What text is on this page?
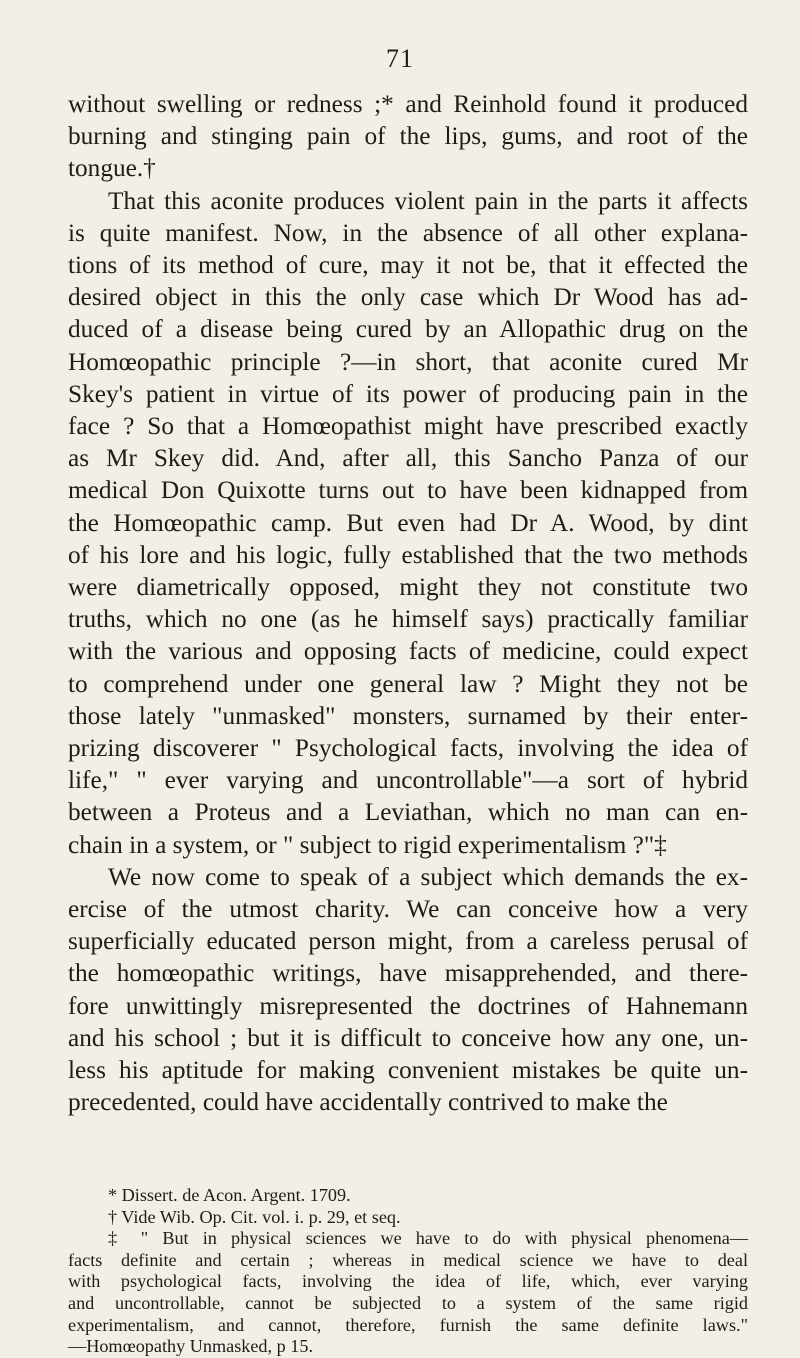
71
without swelling or redness ;* and Reinhold found it produced
burning and stinging pain of the lips, gums, and root of the
tongue.†
That this aconite produces violent pain in the parts it affects
is quite manifest. Now, in the absence of all other explana-
tions of its method of cure, may it not be, that it effected the
desired object in this the only case which Dr Wood has ad-
duced of a disease being cured by an Allopathic drug on the
Homœopathic principle ?—in short, that aconite cured Mr
Skey's patient in virtue of its power of producing pain in the
face ? So that a Homœopathist might have prescribed exactly
as Mr Skey did. And, after all, this Sancho Panza of our
medical Don Quixotte turns out to have been kidnapped from
the Homœopathic camp. But even had Dr A. Wood, by dint
of his lore and his logic, fully established that the two methods
were diametrically opposed, might they not constitute two
truths, which no one (as he himself says) practically familiar
with the various and opposing facts of medicine, could expect
to comprehend under one general law ? Might they not be
those lately "unmasked" monsters, surnamed by their enter-
prizing discoverer " Psychological facts, involving the idea of
life," " ever varying and uncontrollable"—a sort of hybrid
between a Proteus and a Leviathan, which no man can en-
chain in a system, or " subject to rigid experimentalism ?"‡
We now come to speak of a subject which demands the ex-
ercise of the utmost charity. We can conceive how a very
superficially educated person might, from a careless perusal of
the homœopathic writings, have misapprehended, and there-
fore unwittingly misrepresented the doctrines of Hahnemann
and his school ; but it is difficult to conceive how any one, un-
less his aptitude for making convenient mistakes be quite un-
precedented, could have accidentally contrived to make the
* Dissert. de Acon. Argent. 1709.
† Vide Wib. Op. Cit. vol. i. p. 29, et seq.
‡ " But in physical sciences we have to do with physical phenomena—
facts definite and certain ; whereas in medical science we have to deal
with psychological facts, involving the idea of life, which, ever varying
and uncontrollable, cannot be subjected to a system of the same rigid
experimentalism, and cannot, therefore, furnish the same definite laws."
—Homœopathy Unmasked, p 15.
